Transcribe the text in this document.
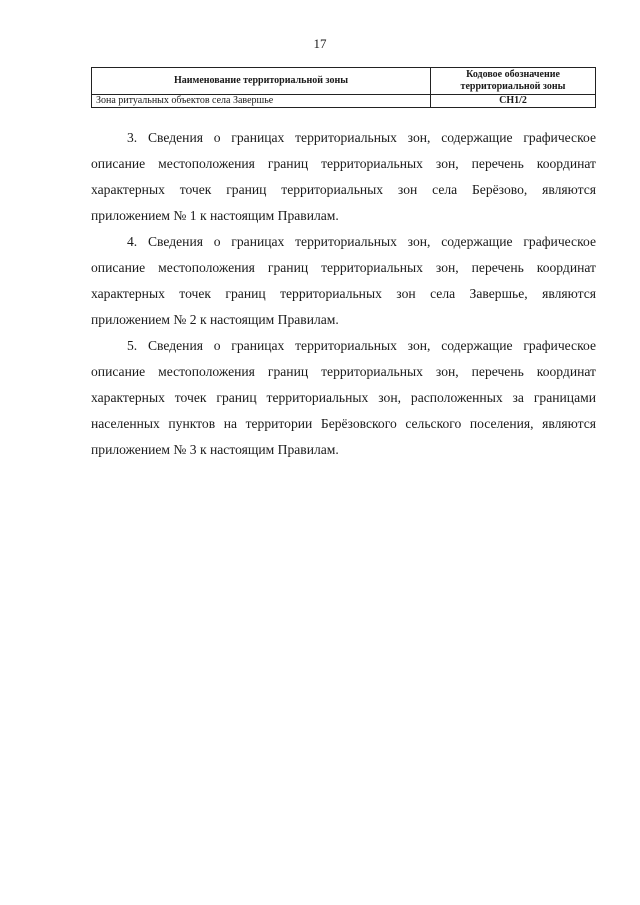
17
Наименование территориальной зоны	Кодовое обозначение территориальной зоны
Зона ритуальных объектов села Завершье	СН1/2

3. Сведения о границах территориальных зон, содержащие графическое описание местоположения границ территориальных зон, перечень координат характерных точек границ территориальных зон села Берёзово, являются приложением № 1 к настоящим Правилам.

4. Сведения о границах территориальных зон, содержащие графическое описание местоположения границ территориальных зон, перечень координат характерных точек границ территориальных зон села Завершье, являются приложением № 2 к настоящим Правилам.

5. Сведения о границах территориальных зон, содержащие графическое описание местоположения границ территориальных зон, перечень координат характерных точек границ территориальных зон, расположенных за границами населенных пунктов на территории Берёзовского сельского поселения, являются приложением № 3 к настоящим Правилам.
